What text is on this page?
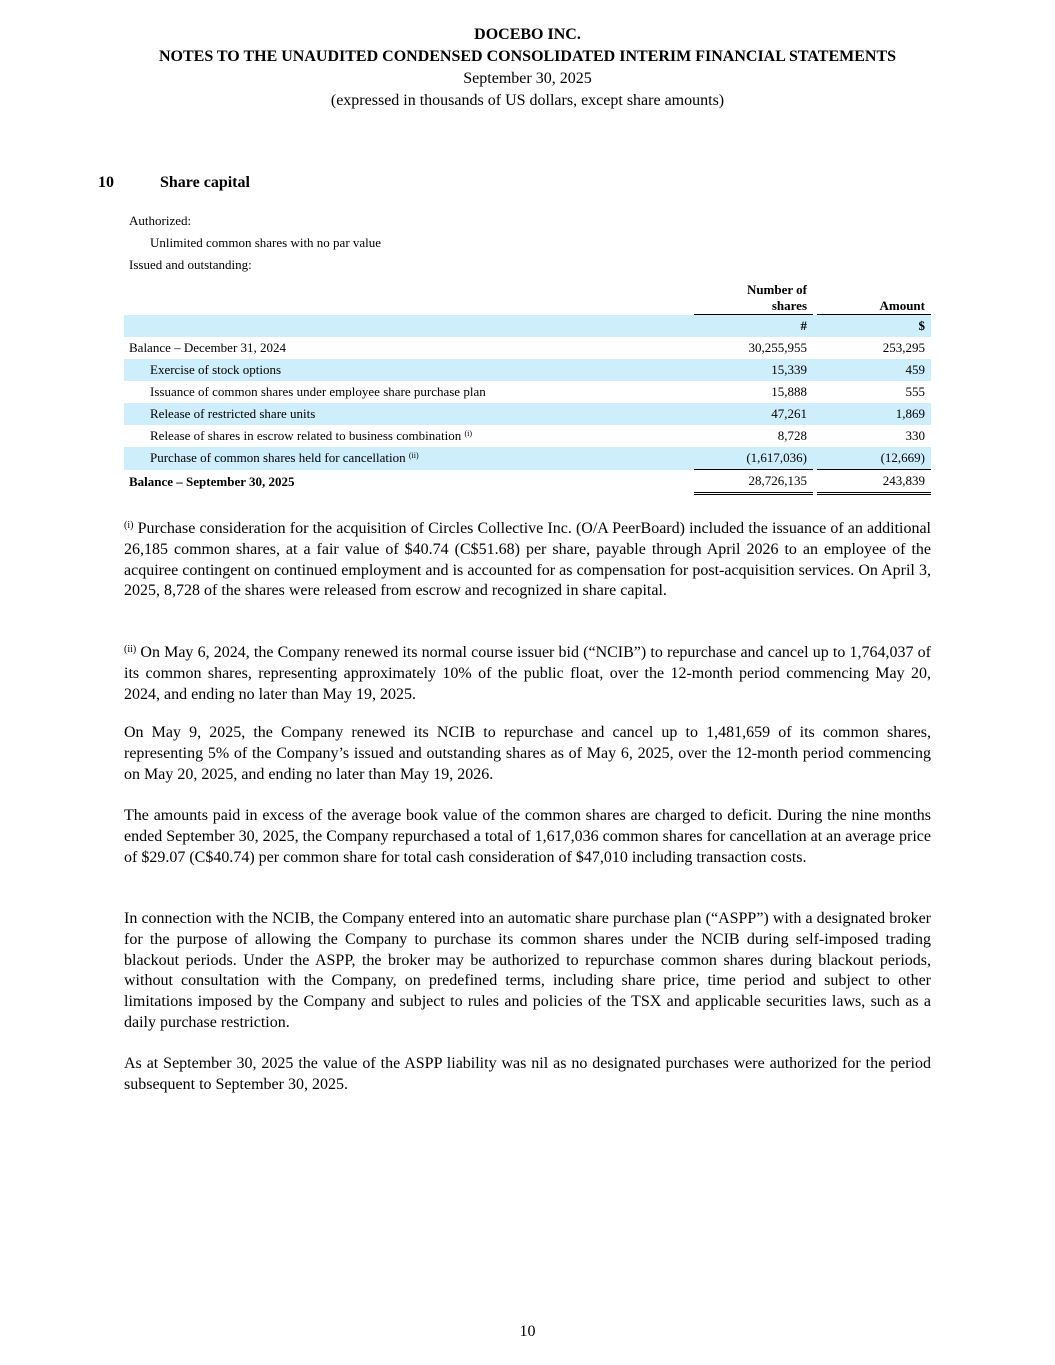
DOCEBO INC.
NOTES TO THE UNAUDITED CONDENSED CONSOLIDATED INTERIM FINANCIAL STATEMENTS
September 30, 2025
(expressed in thousands of US dollars, except share amounts)
10	Share capital
Authorized:
Unlimited common shares with no par value
Issued and outstanding:

	Number of
shares		Amount
	#		$
Balance – December 31, 2024	30,255,955		253,295
Exercise of stock options	15,339		459
Issuance of common shares under employee share purchase plan	15,888		555
Release of restricted share units	47,261		1,869
Release of shares in escrow related to business combination $^{(i)}$	8,728		330
Purchase of common shares held for cancellation $^{(ii)}$	(1,617,036)		(12,669)
Balance – September 30, 2025	28,726,135		243,839
$^{(i)}$ Purchase consideration for the acquisition of Circles Collective Inc. (O/A PeerBoard) included the issuance of an additional 26,185 common shares, at a fair value of $40.74 (C$51.68) per share, payable through April 2026 to an employee of the acquiree contingent on continued employment and is accounted for as compensation for post-acquisition services. On April 3, 2025, 8,728 of the shares were released from escrow and recognized in share capital.
$^{(ii)}$ On May 6, 2024, the Company renewed its normal course issuer bid (“NCIB”) to repurchase and cancel up to 1,764,037 of its common shares, representing approximately 10% of the public float, over the 12-month period commencing May 20, 2024, and ending no later than May 19, 2025.
On May 9, 2025, the Company renewed its NCIB to repurchase and cancel up to 1,481,659 of its common shares, representing 5% of the Company’s issued and outstanding shares as of May 6, 2025, over the 12-month period commencing on May 20, 2025, and ending no later than May 19, 2026.
The amounts paid in excess of the average book value of the common shares are charged to deficit. During the nine months ended September 30, 2025, the Company repurchased a total of 1,617,036 common shares for cancellation at an average price of $29.07 (C$40.74) per common share for total cash consideration of $47,010 including transaction costs.
In connection with the NCIB, the Company entered into an automatic share purchase plan (“ASPP”) with a designated broker for the purpose of allowing the Company to purchase its common shares under the NCIB during self-imposed trading blackout periods. Under the ASPP, the broker may be authorized to repurchase common shares during blackout periods, without consultation with the Company, on predefined terms, including share price, time period and subject to other limitations imposed by the Company and subject to rules and policies of the TSX and applicable securities laws, such as a daily purchase restriction.
As at September 30, 2025 the value of the ASPP liability was nil as no designated purchases were authorized for the period subsequent to September 30, 2025.
10
